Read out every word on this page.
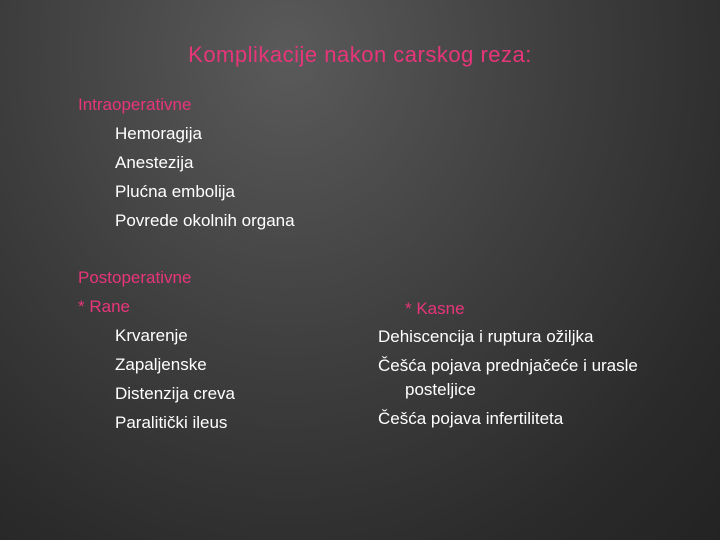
Komplikacije nakon carskog reza:
Intraoperativne
Hemoragija
Anestezija
Plućna embolija
Povrede okolnih organa
Postoperativne
* Rane
Krvarenje
Zapaljenske
Distenzija creva
Paralitički ileus
* Kasne
Dehiscencija i ruptura ožiljka
Češća pojava prednjačeće i urasle
posteljice
Češća pojava infertiliteta
